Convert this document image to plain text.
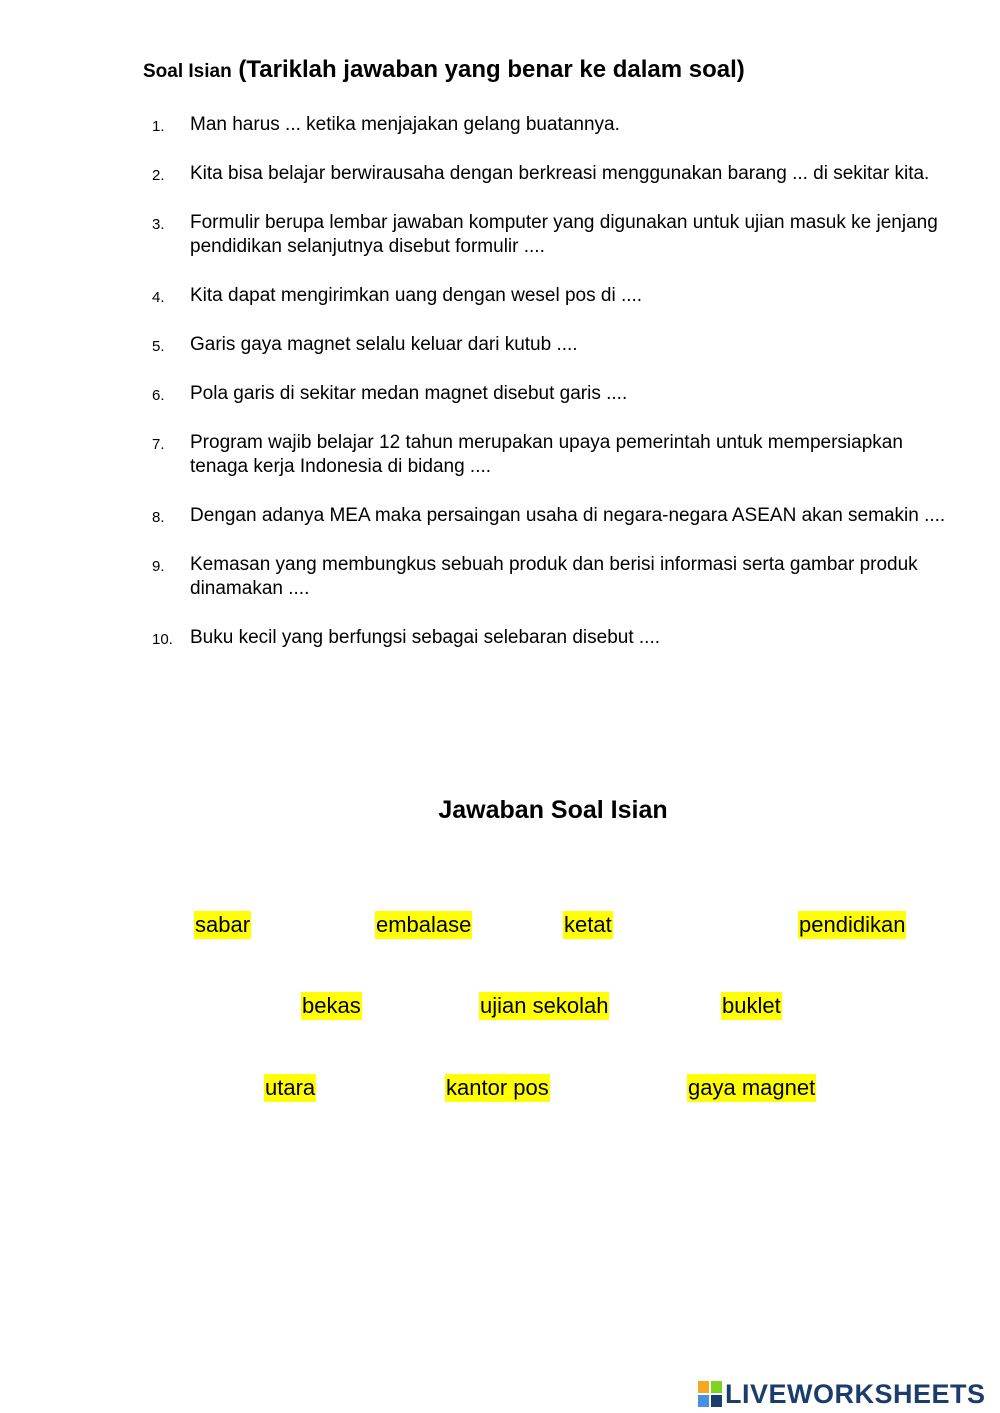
Soal Isian (Tariklah jawaban yang benar ke dalam soal)
1. Man harus ... ketika menjajakan gelang buatannya.
2. Kita bisa belajar berwirausaha dengan berkreasi menggunakan barang ... di sekitar kita.
3. Formulir berupa lembar jawaban komputer yang digunakan untuk ujian masuk ke jenjang pendidikan selanjutnya disebut formulir ....
4. Kita dapat mengirimkan uang dengan wesel pos di ....
5. Garis gaya magnet selalu keluar dari kutub ....
6. Pola garis di sekitar medan magnet disebut garis ....
7. Program wajib belajar 12 tahun merupakan upaya pemerintah untuk mempersiapkan tenaga kerja Indonesia di bidang ....
8. Dengan adanya MEA maka persaingan usaha di negara-negara ASEAN akan semakin ....
9. Kemasan yang membungkus sebuah produk dan berisi informasi serta gambar produk dinamakan ....
10. Buku kecil yang berfungsi sebagai selebaran disebut ....
Jawaban Soal Isian
sabar	embalase	ketat	pendidikan
bekas	ujian sekolah	buklet
utara	kantor pos	gaya magnet
LIVEWORKSHEETS
